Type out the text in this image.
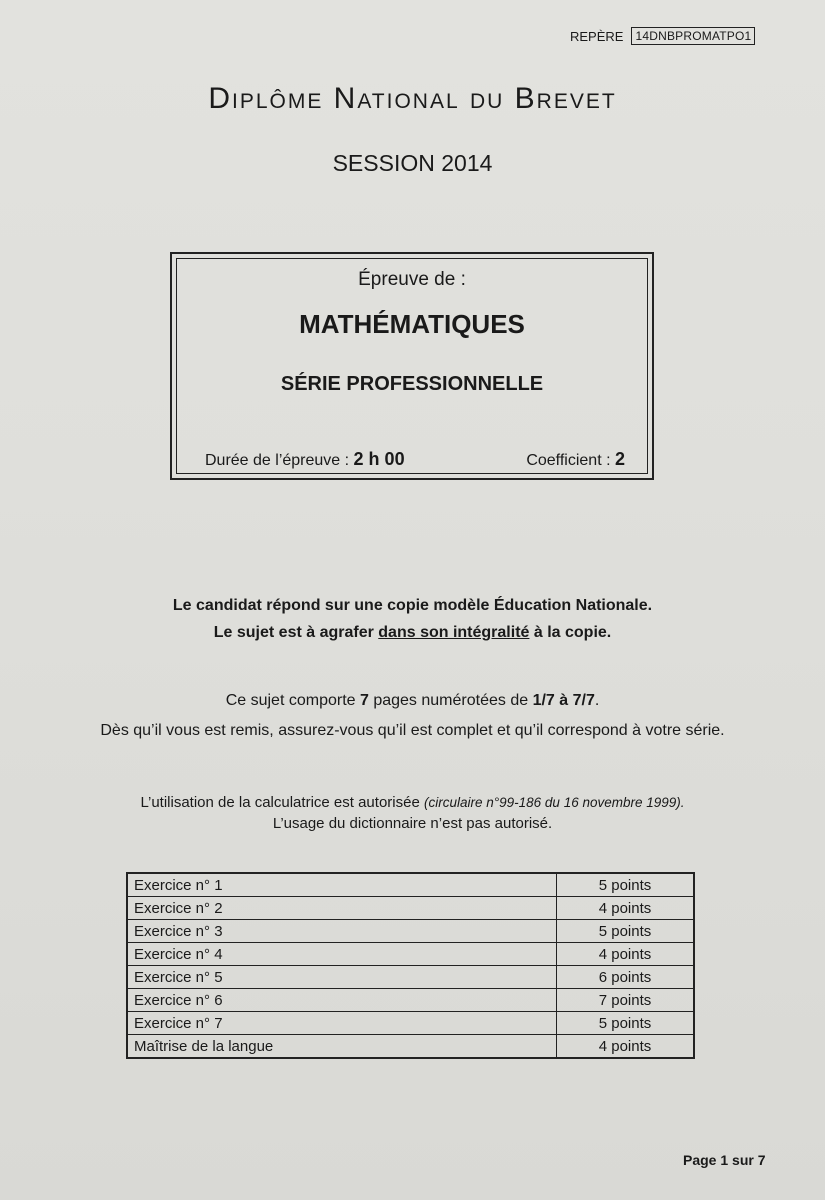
REPÈRE	14DNBPROMATPO1
Diplôme National du Brevet
SESSION 2014
Épreuve de :
MATHÉMATIQUES
SÉRIE PROFESSIONNELLE
Durée de l’épreuve : 2 h 00	Coefficient : 2
Le candidat répond sur une copie modèle Éducation Nationale.
Le sujet est à agrafer dans son intégralité à la copie.
Ce sujet comporte 7 pages numérotées de 1/7 à 7/7.
Dès qu’il vous est remis, assurez-vous qu’il est complet et qu’il correspond à votre série.
L’utilisation de la calculatrice est autorisée (circulaire n°99-186 du 16 novembre 1999).
L’usage du dictionnaire n’est pas autorisé.
Exercice n° 1	5 points
Exercice n° 2	4 points
Exercice n° 3	5 points
Exercice n° 4	4 points
Exercice n° 5	6 points
Exercice n° 6	7 points
Exercice n° 7	5 points
Maîtrise de la langue	4 points
Page 1 sur 7
